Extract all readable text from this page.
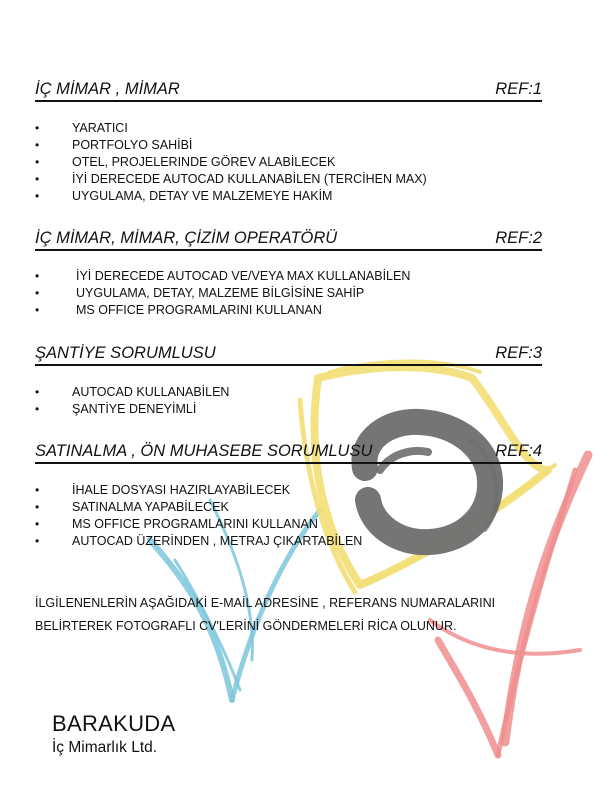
İÇ MİMAR , MİMAR	REF:1
•	YARATICI
•	PORTFOLYO SAHİBİ
•	OTEL, PROJELERINDE GÖREV ALABİLECEK
•	İYİ DERECEDE AUTOCAD KULLANABİLEN (TERCİHEN MAX)
•	UYGULAMA, DETAY VE MALZEMEYE HAKİM
İÇ MİMAR, MİMAR, ÇİZİM OPERATÖRÜ	REF:2
•	İYİ DERECEDE AUTOCAD VE/VEYA MAX KULLANABİLEN
•	UYGULAMA, DETAY, MALZEME BİLGİSİNE SAHİP
•	MS OFFICE PROGRAMLARINI KULLANAN
ŞANTİYE SORUMLUSU	REF:3
•	AUTOCAD KULLANABİLEN
•	ŞANTİYE DENEYİMLİ
SATINALMA , ÖN MUHASEBE SORUMLUSU	REF:4
•	İHALE DOSYASI HAZIRLAYABİLECEK
•	SATINALMA YAPABİLECEK
•	MS OFFICE PROGRAMLARINI KULLANAN
•	AUTOCAD ÜZERİNDEN , METRAJ ÇIKARTABİLEN

İLGİLENENLERİN AŞAĞIDAKİ E-MAİL ADRESİNE , REFERANS NUMARALARINI

BELİRTEREK FOTOGRAFLI CV'LERİNİ GÖNDERMELERİ RİCA OLUNUR.

BARAKUDA
İç Mimarlık Ltd.
